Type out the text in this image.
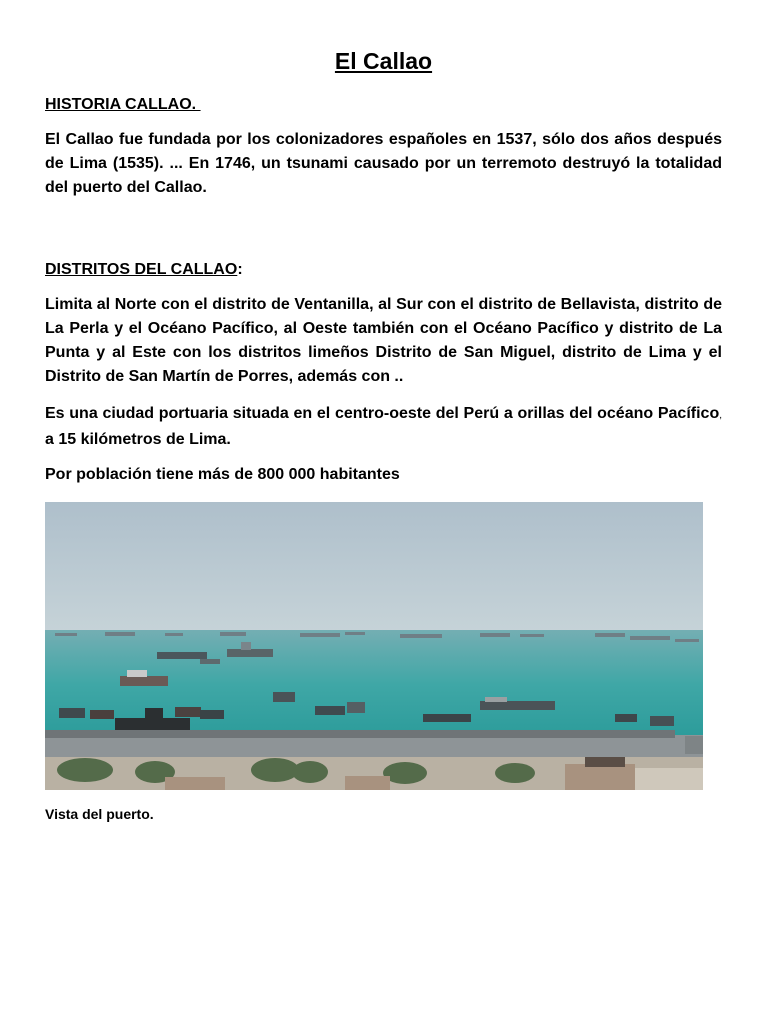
El Callao
HISTORIA CALLAO.
El Callao fue fundada por los colonizadores españoles en 1537, sólo dos años después de Lima (1535). ... En 1746, un tsunami causado por un terremoto destruyó la totalidad del puerto del Callao.
DISTRITOS DEL CALLAO:
Limita al Norte con el distrito de Ventanilla, al Sur con el distrito de Bellavista, distrito de La Perla y el Océano Pacífico, al Oeste también con el Océano Pacífico y distrito de La Punta y al Este con los distritos limeños Distrito de San Miguel, distrito de Lima y el Distrito de San Martín de Porres, además con ..
Es una ciudad portuaria situada en el centro-oeste del Perú a orillas del océano Pacífico, a 15 kilómetros de Lima.
Por población tiene más de 800 000 habitantes
Vista del puerto.
